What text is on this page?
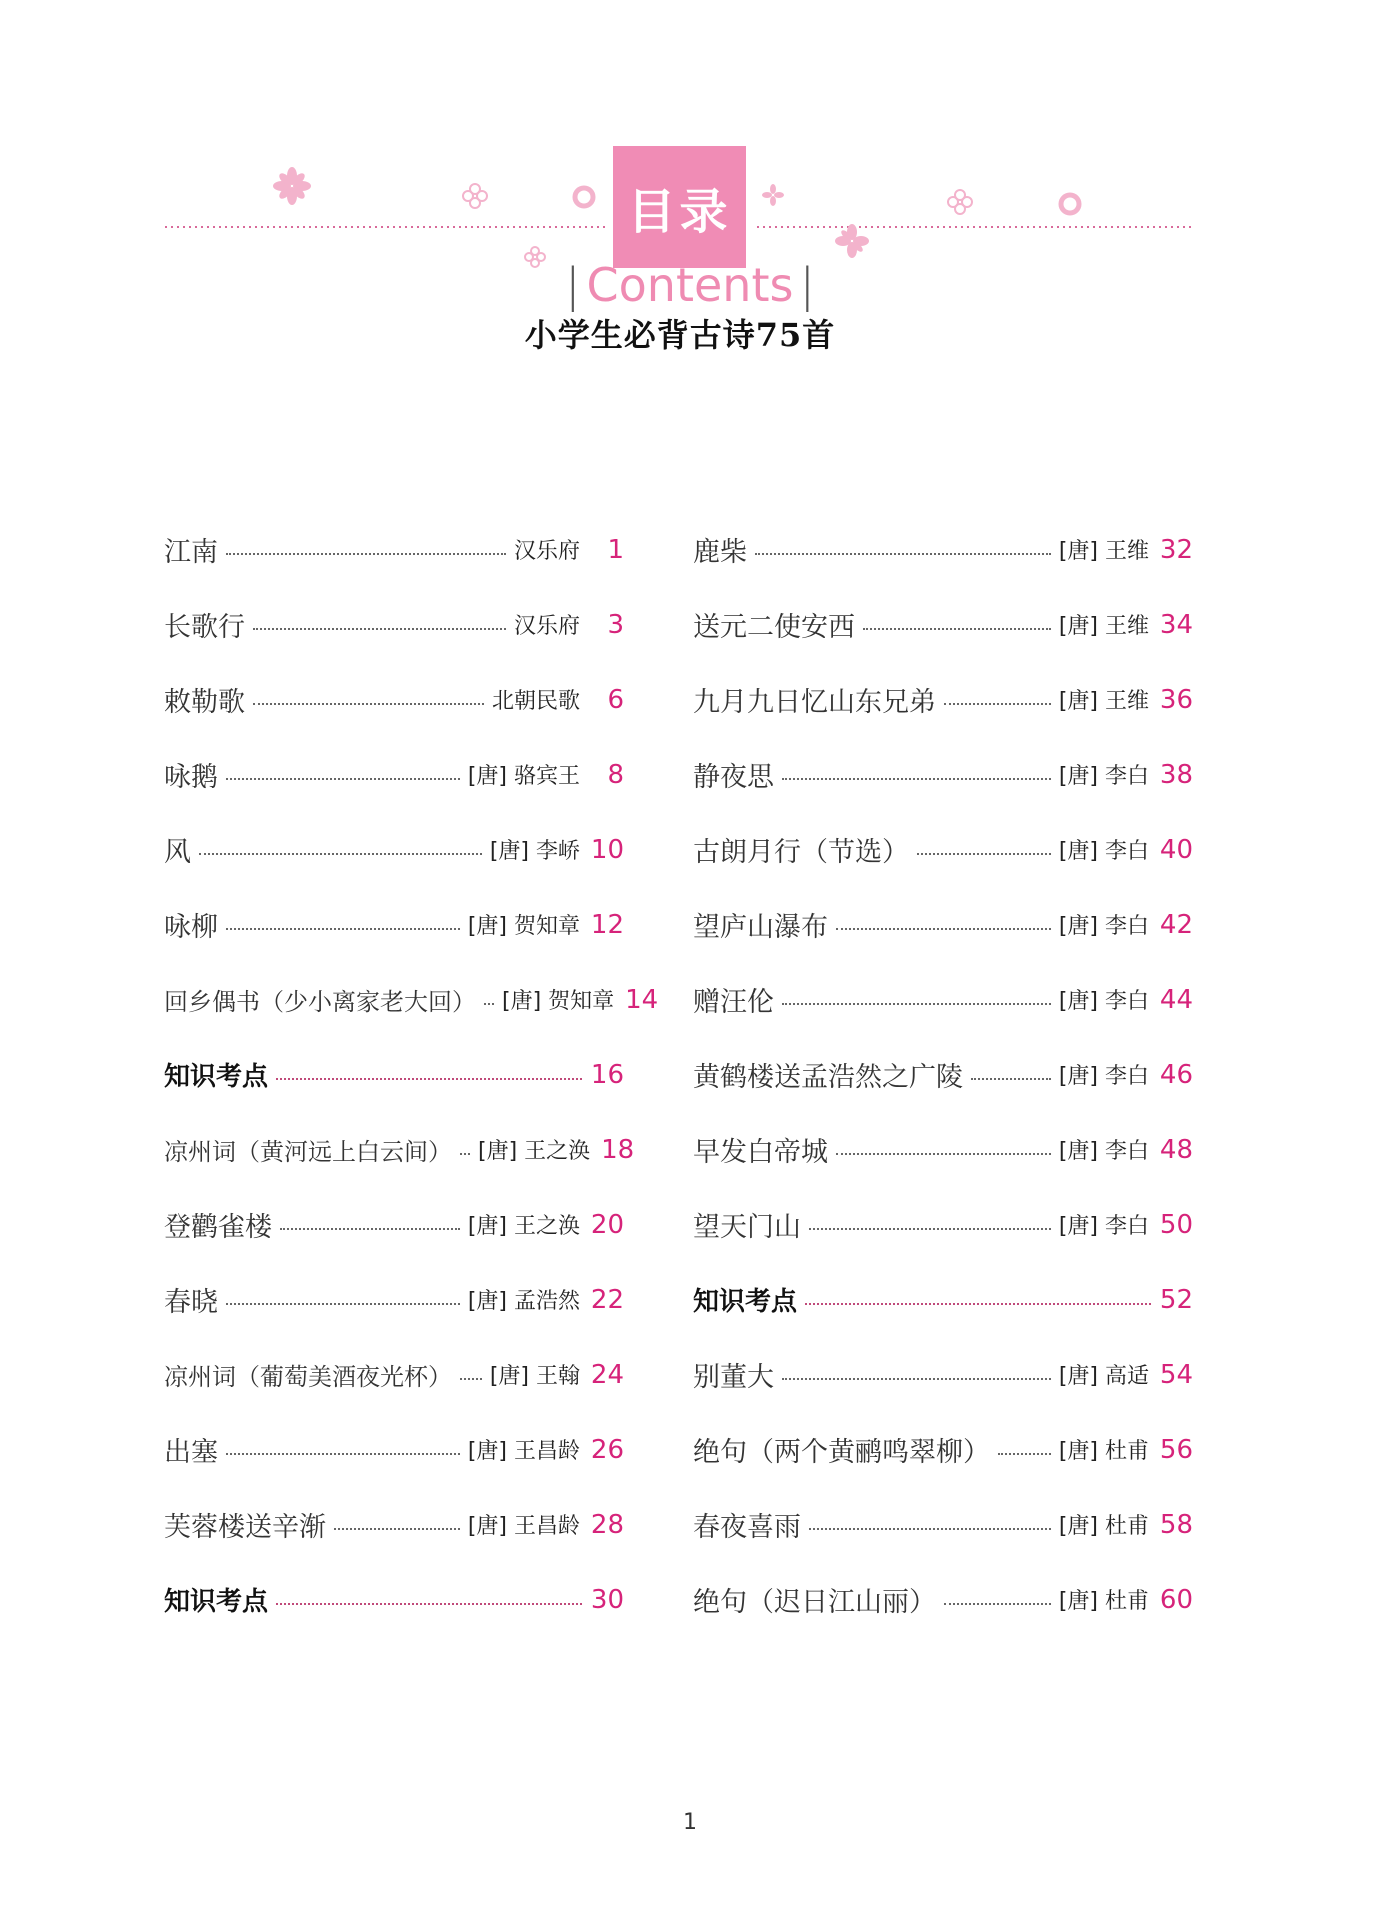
目录
| Contents |
小学生必背古诗75首
江南	汉乐府	1
长歌行	汉乐府	3
敕勒歌	北朝民歌	6
咏鹅	[唐] 骆宾王	8
风	[唐] 李峤 10
咏柳	[唐] 贺知章 12
回乡偶书（少小离家老大回） [唐] 贺知章 14
知识考点	16
凉州词（黄河远上白云间） [唐] 王之涣 18
登鹳雀楼	[唐] 王之涣 20
春晓	[唐] 孟浩然 22
凉州词（葡萄美酒夜光杯） [唐] 王翰 24
出塞	[唐] 王昌龄 26
芙蓉楼送辛渐	[唐] 王昌龄 28
知识考点	30
鹿柴	[唐] 王维 32
送元二使安西	[唐] 王维 34
九月九日忆山东兄弟	[唐] 王维 36
静夜思	[唐] 李白 38
古朗月行（节选）	[唐] 李白 40
望庐山瀑布	[唐] 李白 42
赠汪伦	[唐] 李白 44
黄鹤楼送孟浩然之广陵	[唐] 李白 46
早发白帝城	[唐] 李白 48
望天门山	[唐] 李白 50
知识考点	52
别董大	[唐] 高适 54
绝句（两个黄鹂鸣翠柳）	[唐] 杜甫 56
春夜喜雨	[唐] 杜甫 58
绝句（迟日江山丽）	[唐] 杜甫 60
1
